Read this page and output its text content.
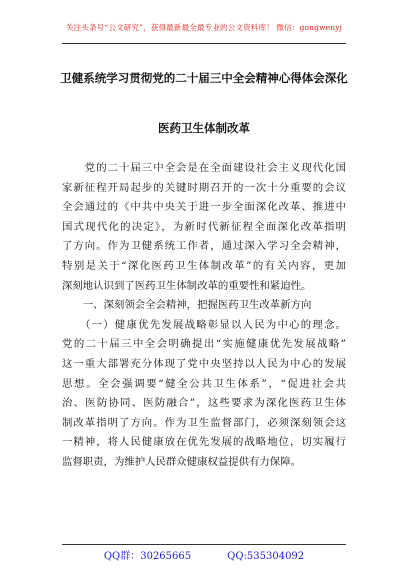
关注头条号“公文研究”，获得最新最全最专业的公文资料库！ 微信：gongwenyj
卫健系统学习贯彻党的二十届三中全会精神心得体会深化
医药卫生体制改革
　　党的二十届三中全会是在全面建设社会主义现代化国
家新征程开局起步的关键时期召开的一次十分重要的会议
全会通过的《中共中央关于进一步全面深化改革、推进中
国式现代化的决定》，为新时代新征程全面深化改革指明
了方向。作为卫健系统工作者，通过深入学习全会精神，
特别是关于“深化医药卫生体制改革”的有关内容，更加
深刻地认识到了医药卫生体制改革的重要性和紧迫性。
　　一、深刻领会全会精神，把握医药卫生改革新方向
　　（一）健康优先发展战略彰显以人民为中心的理念。
党的二十届三中全会明确提出“实施健康优先发展战略”
这一重大部署充分体现了党中央坚持以人民为中心的发展
思想。全会强调要“健全公共卫生体系”，“促进社会共
治、医防协同、医防融合”，这些要求为深化医药卫生体
制改革指明了方向。作为卫生监督部门，必须深刻领会这
一精神，将人民健康放在优先发展的战略地位，切实履行
监督职责，为维护人民群众健康权益提供有力保障。
QQ群：30265665	QQ:535304092
